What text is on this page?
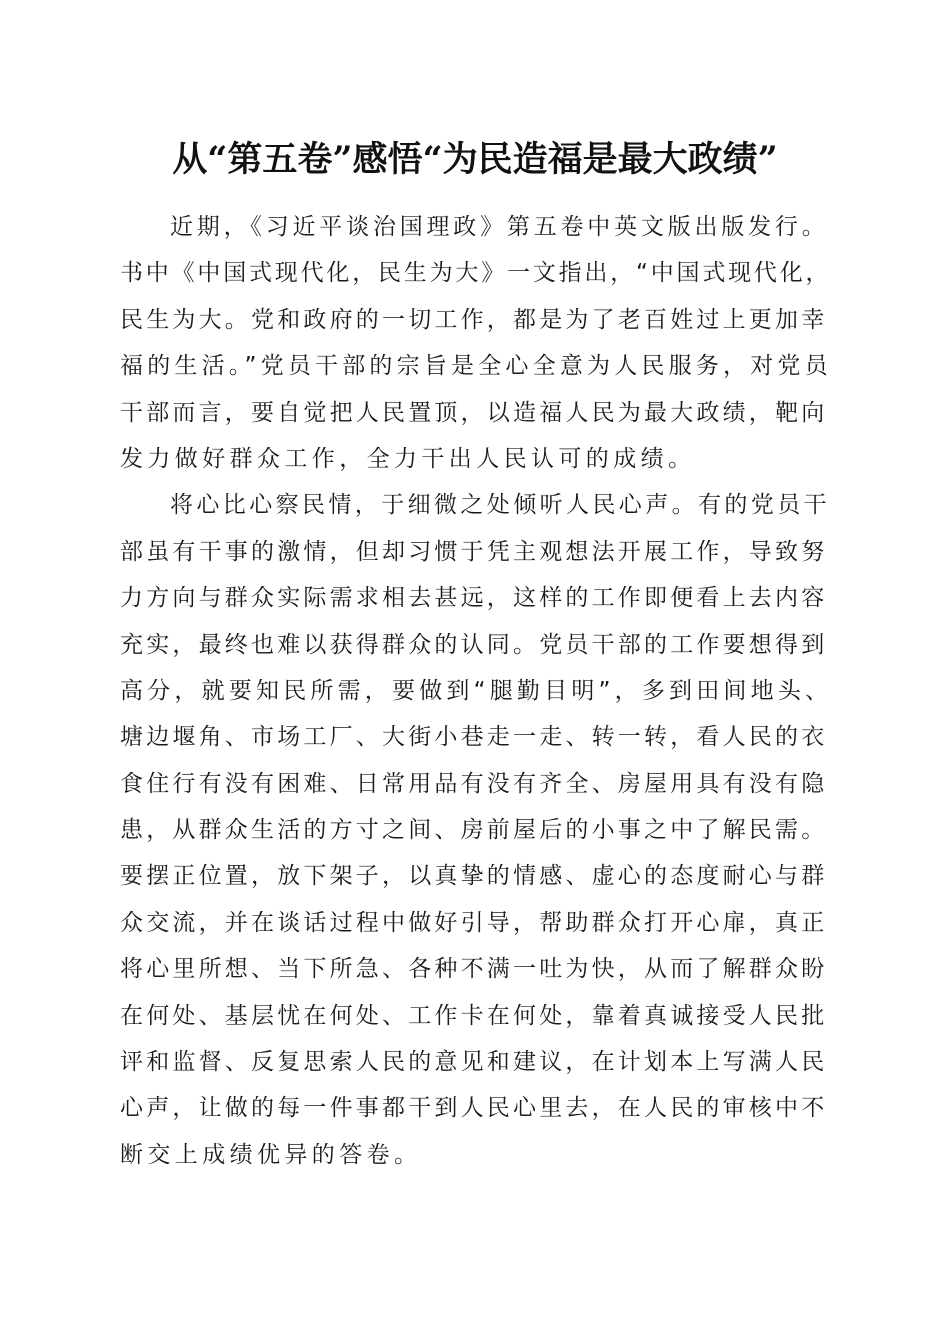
从“第五卷”感悟“为民造福是最大政绩”
近期，《习近平谈治国理政》第五卷中英文版出版发行。
书中《中国式现代化，民生为大》一文指出，“中国式现代化，
民生为大。党和政府的一切工作，都是为了老百姓过上更加幸
福的生活。”党员干部的宗旨是全心全意为人民服务，对党员
干部而言，要自觉把人民置顶，以造福人民为最大政绩，靶向
发力做好群众工作，全力干出人民认可的成绩。
将心比心察民情，于细微之处倾听人民心声。有的党员干
部虽有干事的激情，但却习惯于凭主观想法开展工作，导致努
力方向与群众实际需求相去甚远，这样的工作即便看上去内容
充实，最终也难以获得群众的认同。党员干部的工作要想得到
高分，就要知民所需，要做到“腿勤目明”，多到田间地头、
塘边堰角、市场工厂、大街小巷走一走、转一转，看人民的衣
食住行有没有困难、日常用品有没有齐全、房屋用具有没有隐
患，从群众生活的方寸之间、房前屋后的小事之中了解民需。
要摆正位置，放下架子，以真挚的情感、虚心的态度耐心与群
众交流，并在谈话过程中做好引导，帮助群众打开心扉，真正
将心里所想、当下所急、各种不满一吐为快，从而了解群众盼
在何处、基层忧在何处、工作卡在何处，靠着真诚接受人民批
评和监督、反复思索人民的意见和建议，在计划本上写满人民
心声，让做的每一件事都干到人民心里去，在人民的审核中不
断交上成绩优异的答卷。
